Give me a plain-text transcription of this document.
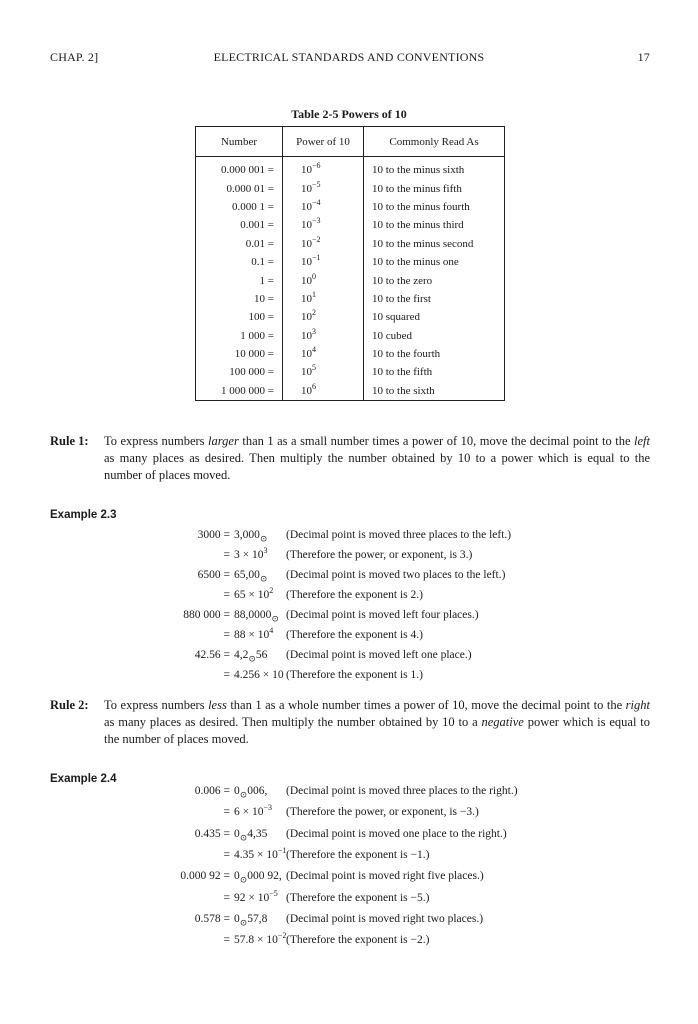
CHAP. 2]	ELECTRICAL STANDARDS AND CONVENTIONS	17
Table 2-5 Powers of 10
Number	Power of 10	Commonly Read As
0.000 001 =	$10^{-6}$	10 to the minus sixth
0.000 01 =	$10^{-5}$	10 to the minus fifth
0.000 1 =	$10^{-4}$	10 to the minus fourth
0.001 =	$10^{-3}$	10 to the minus third
0.01 =	$10^{-2}$	10 to the minus second
0.1 =	$10^{-1}$	10 to the minus one
1 =	$10^0$	10 to the zero
10 =	$10^1$	10 to the first
100 =	$10^2$	10 squared
1 000 =	$10^3$	10 cubed
10 000 =	$10^4$	10 to the fourth
100 000 =	$10^5$	10 to the fifth
1 000 000 =	$10^6$	10 to the sixth
Rule 1: To express numbers larger than 1 as a small number times a power of 10, move the decimal point to the left as many places as desired. Then multiply the number obtained by 10 to a power which is equal to the number of places moved.
Example 2.3
$3000 = 3,000_⊙$ (Decimal point is moved three places to the left.)
= $3 \times 10^3$ (Therefore the power, or exponent, is 3.)
$6500 = 65,00_⊙$ (Decimal point is moved two places to the left.)
= $65 \times 10^2$ (Therefore the exponent is 2.)
880 $000 = 88,0000_⊙$ (Decimal point is moved left four places.)
= $88 \times 10^4$ (Therefore the exponent is 4.)
$42.56 = 4,2_⊙56$ (Decimal point is moved left one place.)
= 4.256 × 10 (Therefore the exponent is 1.)
Rule 2: To express numbers less than 1 as a whole number times a power of 10, move the decimal point to the right as many places as desired. Then multiply the number obtained by 10 to a negative power which is equal to the number of places moved.
Example 2.4
$0.006 = 0_⊙006$, (Decimal point is moved three places to the right.)
= $6 \times 10^{-3}$ (Therefore the power, or exponent, is −3.)
$0.435 = 0_⊙4,35$ (Decimal point is moved one place to the right.)
= $4.35 \times 10^{-1}$ (Therefore the exponent is −1.)
0.000 $92 = 0_⊙000$ 92, (Decimal point is moved right five places.)
= $92 \times 10^{-5}$ (Therefore the exponent is −5.)
$0.578 = 0_⊙57,8$ (Decimal point is moved right two places.)
= $57.8 \times 10^{-2}$ (Therefore the exponent is −2.)
